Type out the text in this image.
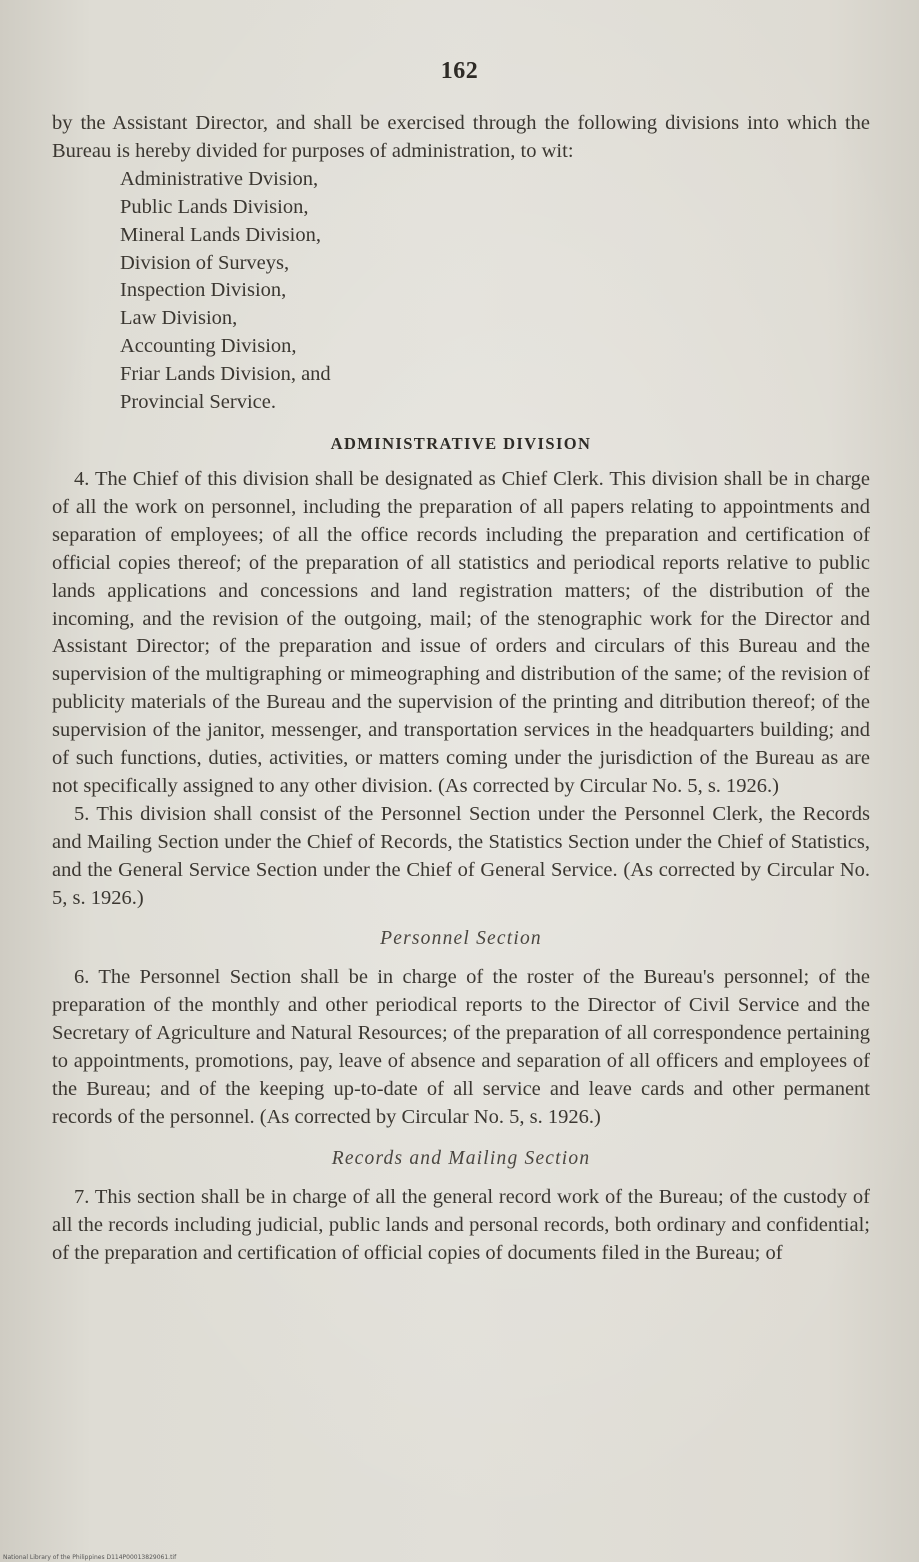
162

by the Assistant Director, and shall be exercised through the following divisions into which the Bureau is hereby divided for purposes of administration, to wit:

Administrative Dvision,
Public Lands Division,
Mineral Lands Division,
Division of Surveys,
Inspection Division,
Law Division,
Accounting Division,
Friar Lands Division, and
Provincial Service.
ADMINISTRATIVE DIVISION

4. The Chief of this division shall be designated as Chief Clerk. This division shall be in charge of all the work on personnel, including the preparation of all papers relating to appointments and separation of employees; of all the office records including the preparation and certification of official copies thereof; of the preparation of all statistics and periodical reports relative to public lands applications and concessions and land registration matters; of the distribution of the incoming, and the revision of the outgoing, mail; of the stenographic work for the Director and Assistant Director; of the preparation and issue of orders and circulars of this Bureau and the supervision of the multigraphing or mimeographing and distribution of the same; of the revision of publicity materials of the Bureau and the supervision of the printing and ditribution thereof; of the supervision of the janitor, messenger, and transportation services in the headquarters building; and of such functions, duties, activities, or matters coming under the jurisdiction of the Bureau as are not specifically assigned to any other division. (As corrected by Circular No. 5, s. 1926.)

5. This division shall consist of the Personnel Section under the Personnel Clerk, the Records and Mailing Section under the Chief of Records, the Statistics Section under the Chief of Statistics, and the General Service Section under the Chief of General Service. (As corrected by Circular No. 5, s. 1926.)

Personnel Section

6. The Personnel Section shall be in charge of the roster of the Bureau's personnel; of the preparation of the monthly and other periodical reports to the Director of Civil Service and the Secretary of Agriculture and Natural Resources; of the preparation of all correspondence pertaining to appointments, promotions, pay, leave of absence and separation of all officers and employees of the Bureau; and of the keeping up-to-date of all service and leave cards and other permanent records of the personnel. (As corrected by Circular No. 5, s. 1926.)

Records and Mailing Section

7. This section shall be in charge of all the general record work of the Bureau; of the custody of all the records including judicial, public lands and personal records, both ordinary and confidential; of the preparation and certification of official copies of documents filed in the Bureau; of

National Library of the Philippines D114P00013829061.tif
